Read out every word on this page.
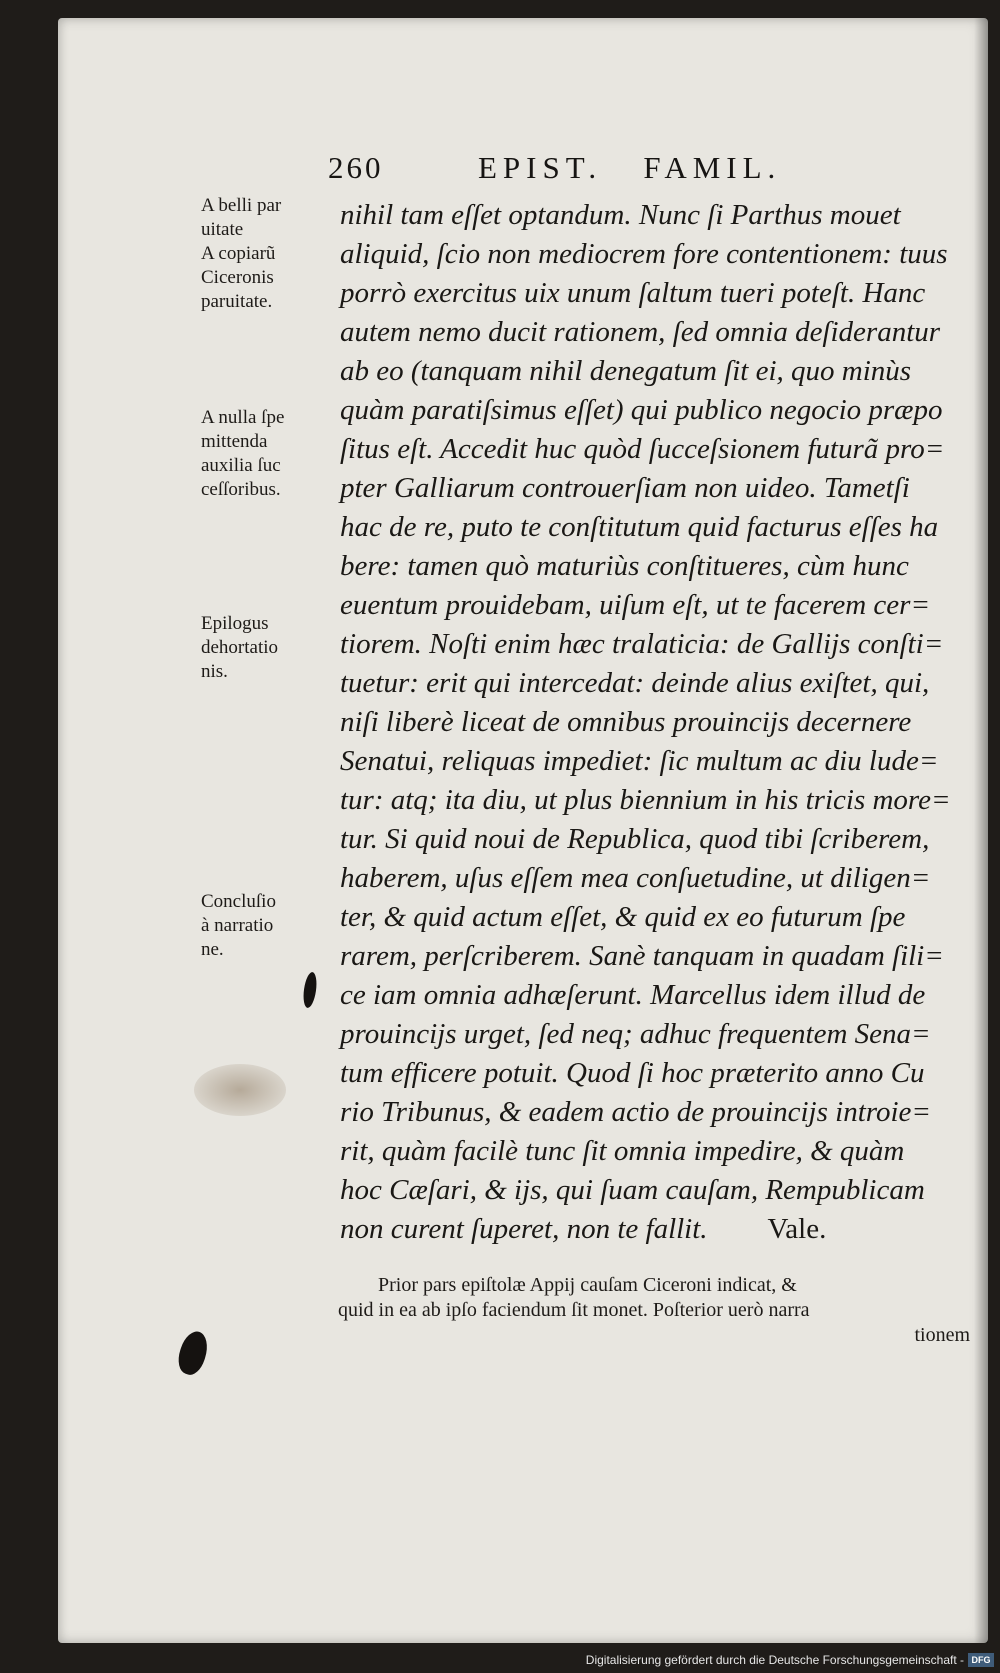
260	EPIST.   FAMIL.
A belli par
uitate
A copiarũ
Ciceronis
paruitate.
A nulla ſpe
mittenda
auxilia ſuc
ceſſoribus.
Epilogus
dehortatio
nis.
Concluſio
à narratio
ne.
nihil tam eſſet optandum. Nunc ſi Parthus mouet
aliquid, ſcio non mediocrem fore contentionem: tuus
porrò exercitus uix unum ſaltum tueri poteſt. Hanc
autem nemo ducit rationem, ſed omnia deſiderantur
ab eo (tanquam nihil denegatum ſit ei, quo minùs
quàm paratiſsimus eſſet) qui publico negocio præpo
ſitus eſt. Accedit huc quòd ſucceſsionem futurã pro=
pter Galliarum controuerſiam non uideo. Tametſi
hac de re, puto te conſtitutum quid facturus eſſes ha
bere: tamen quò maturiùs conſtitueres, cùm hunc
euentum prouidebam, uiſum eſt, ut te facerem cer=
tiorem. Noſti enim hæc tralaticia: de Gallijs conſti=
tuetur: erit qui intercedat: deinde alius exiſtet, qui,
niſi liberè liceat de omnibus prouincijs decernere
Senatui, reliquas impediet: ſic multum ac diu lude=
tur: atq; ita diu, ut plus biennium in his tricis more=
tur. Si quid noui de Republica, quod tibi ſcriberem,
haberem, uſus eſſem mea conſuetudine, ut diligen=
ter, & quid actum eſſet, & quid ex eo futurum ſpe
rarem, perſcriberem. Sanè tanquam in quadam ſili=
ce iam omnia adhæſerunt. Marcellus idem illud de
prouincijs urget, ſed neq; adhuc frequentem Sena=
tum efficere potuit. Quod ſi hoc præterito anno Cu
rio Tribunus, & eadem actio de prouincijs introie=
rit, quàm facilè tunc ſit omnia impedire, & quàm
hoc Cæſari, & ijs, qui ſuam cauſam, Rempublicam
non curent ſuperet, non te fallit. Vale.
Prior pars epiſtolæ Appij cauſam Ciceroni indicat, &
quid in ea ab ipſo faciendum ſit monet. Poſterior uerò narra
tionem
Digitalisierung gefördert durch die Deutsche Forschungsgemeinschaft - DFG
